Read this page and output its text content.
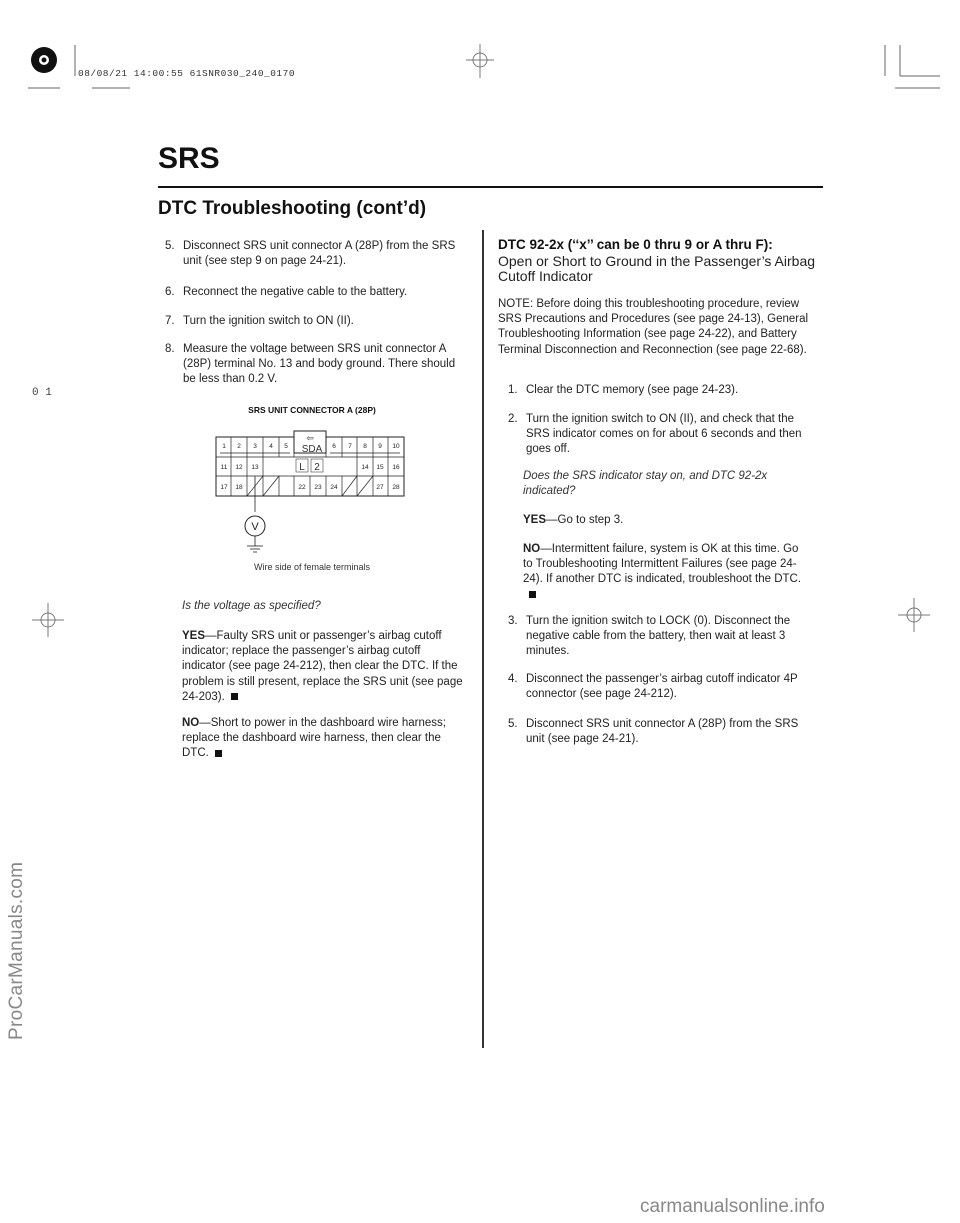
08/08/21 14:00:55 61SNR030_240_0170
0 1
SRS
DTC Troubleshooting (cont’d)
5. Disconnect SRS unit connector A (28P) from the SRS unit (see step 9 on page 24-21).
6. Reconnect the negative cable to the battery.
7. Turn the ignition switch to ON (II).
8. Measure the voltage between SRS unit connector A (28P) terminal No. 13 and body ground. There should be less than 0.2 V.
SRS UNIT CONNECTOR A (28P)
SDA
⇦
L 2
1 2 3 4 5	6 7 8 9 10
11 12 13	14 15 16
17 18	22 23 24	27 28
V
Wire side of female terminals
Is the voltage as specified?
YES—Faulty SRS unit or passenger’s airbag cutoff indicator; replace the passenger’s airbag cutoff indicator (see page 24-212), then clear the DTC. If the problem is still present, replace the SRS unit (see page 24-203).
NO—Short to power in the dashboard wire harness; replace the dashboard wire harness, then clear the DTC.
DTC 92-2x (‘‘x’’ can be 0 thru 9 or A thru F):
Open or Short to Ground in the Passenger’s Airbag Cutoff Indicator
NOTE: Before doing this troubleshooting procedure, review SRS Precautions and Procedures (see page 24-13), General Troubleshooting Information (see page 24-22), and Battery Terminal Disconnection and Reconnection (see page 22-68).
1. Clear the DTC memory (see page 24-23).
2. Turn the ignition switch to ON (II), and check that the SRS indicator comes on for about 6 seconds and then goes off.
Does the SRS indicator stay on, and DTC 92-2x indicated?
YES—Go to step 3.
NO—Intermittent failure, system is OK at this time. Go to Troubleshooting Intermittent Failures (see page 24-24). If another DTC is indicated, troubleshoot the DTC.
3. Turn the ignition switch to LOCK (0). Disconnect the negative cable from the battery, then wait at least 3 minutes.
4. Disconnect the passenger’s airbag cutoff indicator 4P connector (see page 24-212).
5. Disconnect SRS unit connector A (28P) from the SRS unit (see page 24-21).
ProCarManuals.com
carmanualsonline.info
